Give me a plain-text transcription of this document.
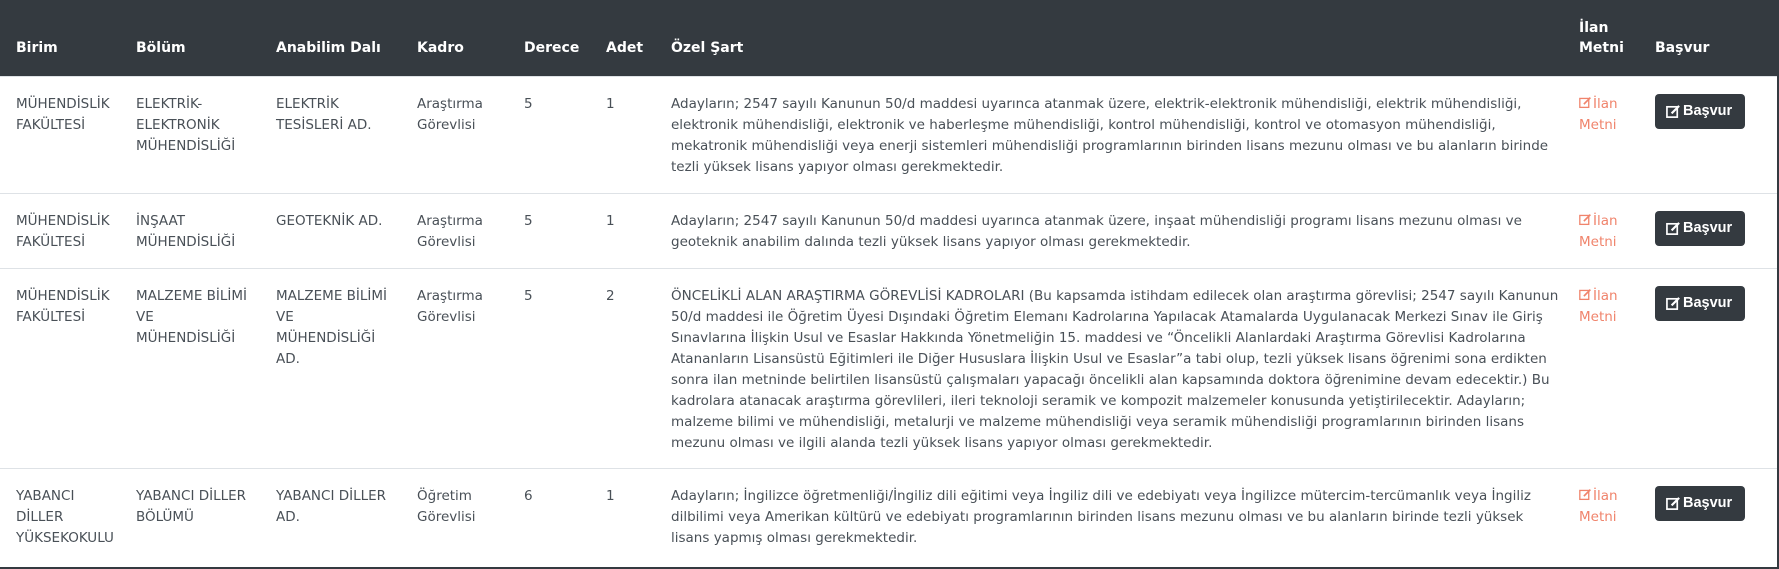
Birim	Bölüm	Anabilim Dalı	Kadro	Derece	Adet	Özel Şart	İlan Metni	Başvur
MÜHENDİSLİK FAKÜLTESİ	ELEKTRİK-ELEKTRONİK MÜHENDİSLİĞİ	ELEKTRİK TESİSLERİ AD.	Araştırma Görevlisi	5	1	Adayların; 2547 sayılı Kanunun 50/d maddesi uyarınca atanmak üzere, elektrik-elektronik mühendisliği, elektrik mühendisliği, elektronik mühendisliği, elektronik ve haberleşme mühendisliği, kontrol mühendisliği, kontrol ve otomasyon mühendisliği, mekatronik mühendisliği veya enerji sistemleri mühendisliği programlarının birinden lisans mezunu olması ve bu alanların birinde tezli yüksek lisans yapıyor olması gerekmektedir.	İlan Metni	Başvur

MÜHENDİSLİK FAKÜLTESİ	İNŞAAT MÜHENDİSLİĞİ	GEOTEKNİK AD.	Araştırma Görevlisi	5	1	Adayların; 2547 sayılı Kanunun 50/d maddesi uyarınca atanmak üzere, inşaat mühendisliği programı lisans mezunu olması ve geoteknik anabilim dalında tezli yüksek lisans yapıyor olması gerekmektedir.	İlan Metni	Başvur

MÜHENDİSLİK FAKÜLTESİ	MALZEME BİLİMİ VE MÜHENDİSLİĞİ	MALZEME BİLİMİ VE MÜHENDİSLİĞİ AD.	Araştırma Görevlisi	5	2	ÖNCELİKLİ ALAN ARAŞTIRMA GÖREVLİSİ KADROLARI (Bu kapsamda istihdam edilecek olan araştırma görevlisi; 2547 sayılı Kanunun 50/d maddesi ile Öğretim Üyesi Dışındaki Öğretim Elemanı Kadrolarına Yapılacak Atamalarda Uygulanacak Merkezi Sınav ile Giriş Sınavlarına İlişkin Usul ve Esaslar Hakkında Yönetmeliğin 15. maddesi ve “Öncelikli Alanlardaki Araştırma Görevlisi Kadrolarına Atananların Lisansüstü Eğitimleri ile Diğer Hususlara İlişkin Usul ve Esaslar”a tabi olup, tezli yüksek lisans öğrenimi sona erdikten sonra ilan metninde belirtilen lisansüstü çalışmaları yapacağı öncelikli alan kapsamında doktora öğrenimine devam edecektir.) Bu kadrolara atanacak araştırma görevlileri, ileri teknoloji seramik ve kompozit malzemeler konusunda yetiştirilecektir. Adayların; malzeme bilimi ve mühendisliği, metalurji ve malzeme mühendisliği veya seramik mühendisliği programlarının birinden lisans mezunu olması ve ilgili alanda tezli yüksek lisans yapıyor olması gerekmektedir.	İlan Metni	Başvur

YABANCI DİLLER YÜKSEKOKULU	YABANCI DİLLER BÖLÜMÜ	YABANCI DİLLER AD.	Öğretim Görevlisi	6	1	Adayların; İngilizce öğretmenliği/İngiliz dili eğitimi veya İngiliz dili ve edebiyatı veya İngilizce mütercim-tercümanlık veya İngiliz dilbilimi veya Amerikan kültürü ve edebiyatı programlarının birinden lisans mezunu olması ve bu alanların birinde tezli yüksek lisans yapmış olması gerekmektedir.	İlan Metni	Başvur
